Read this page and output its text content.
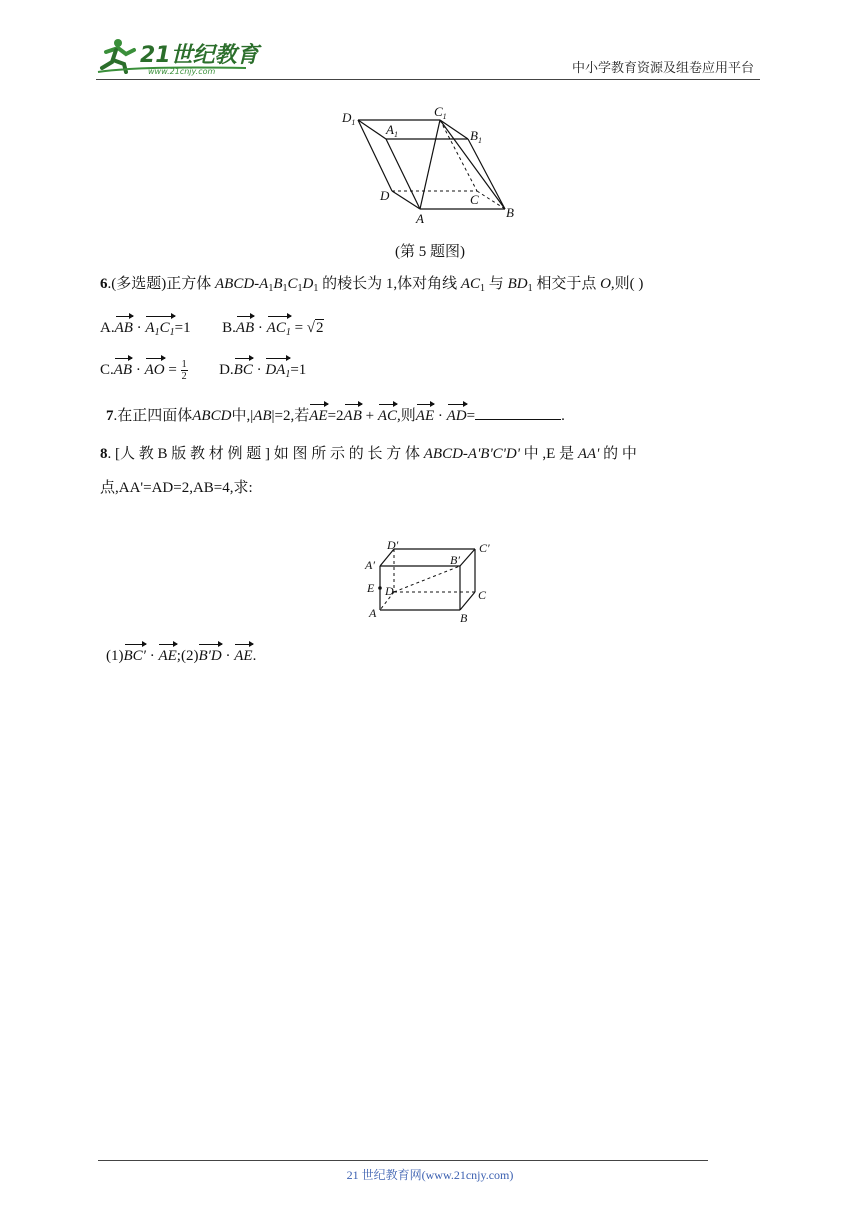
21世纪教育
www.21cnjy.com	中小学教育资源及组卷应用平台
$D_1$ $A_1$
$C_1$
$B_1$
D
A
C
B
(第 5 题图)
6.(多选题)正方体 ABCD-$A_1B_1C_1D_1$ 的棱长为 1,体对角线 $AC_1$ 与 $BD_1$ 相交于点 O,则( )
$A.AB \cdot A_1C_1=1$ $B.AB \cdot AC_1 = √2$
C.AB · AO = $\frac{1}{2} D.BC \cdot DA_1=1$
7.在正四面体ABCD中,|AB|=2,若AE=2AB + AC,则AE · AD=	.
8. [人 教 B 版 教 材 例 题 ] 如 图 所 示 的 长 方 体 ABCD-A'B'C'D' 中 ,E 是 AA' 的 中
点,AA'=AD=2,AB=4,求:
D′
B′
C′
A′
E D
A	B
C
(1)BC′ · AE;(2)B′D · AE.
21 世纪教育网(www.21cnjy.com)
